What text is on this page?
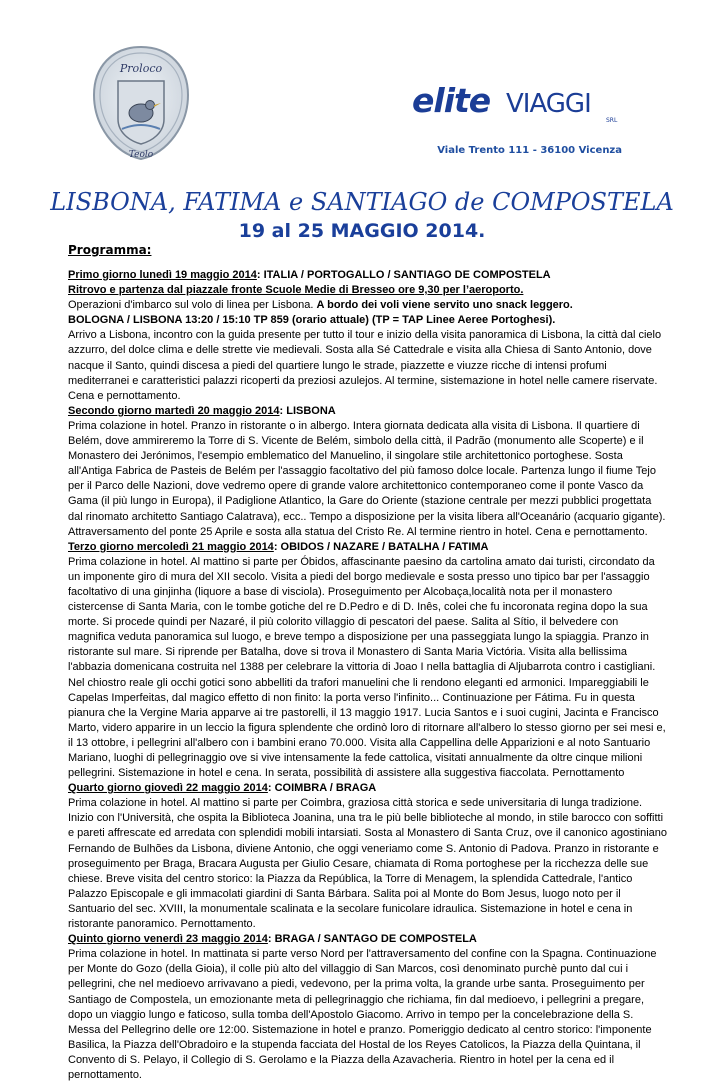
Proloco
Teolo
elite VIAGGI
SRL
Viale Trento 111 - 36100 Vicenza
LISBONA, FATIMA e SANTIAGO de COMPOSTELA
19 al 25 MAGGIO 2014.
Programma:

Primo giorno lunedì 19 maggio 2014: ITALIA / PORTOGALLO / SANTIAGO DE COMPOSTELA

Ritrovo e partenza dal piazzale fronte Scuole Medie di Bresseo ore 9,30 per l’aeroporto.

Operazioni d'imbarco sul volo di linea per Lisbona. A bordo dei voli viene servito uno snack leggero.

BOLOGNA / LISBONA 13:20 / 15:10 TP 859 (orario attuale) (TP = TAP Linee Aeree Portoghesi).

Arrivo a Lisbona, incontro con la guida presente per tutto il tour e inizio della visita panoramica di Lisbona, la città dal cielo azzurro, del dolce clima e delle strette vie medievali. Sosta alla Sé Cattedrale e visita alla Chiesa di Santo Antonio, dove nacque il Santo, quindi discesa a piedi del quartiere lungo le strade, piazzette e viuzze ricche di intensi profumi mediterranei e caratteristici palazzi ricoperti da preziosi azulejos. Al termine, sistemazione in hotel nelle camere riservate. Cena e pernottamento.

Secondo giorno martedì 20 maggio 2014: LISBONA

Prima colazione in hotel. Pranzo in ristorante o in albergo. Intera giornata dedicata alla visita di Lisbona. Il quartiere di Belém, dove ammireremo la Torre di S. Vicente de Belém, simbolo della città, il Padrão (monumento alle Scoperte) e il Monastero dei Jerónimos, l'esempio emblematico del Manuelino, il singolare stile architettonico portoghese. Sosta all'Antiga Fabrica de Pasteis de Belém per l'assaggio facoltativo del più famoso dolce locale. Partenza lungo il fiume Tejo per il Parco delle Nazioni, dove vedremo opere di grande valore architettonico contemporaneo come il ponte Vasco da Gama (il più lungo in Europa), il Padiglione Atlantico, la Gare do Oriente (stazione centrale per mezzi pubblici progettata dal rinomato architetto Santiago Calatrava), ecc.. Tempo a disposizione per la visita libera all'Oceanário (acquario gigante). Attraversamento del ponte 25 Aprile e sosta alla statua del Cristo Re. Al termine rientro in hotel. Cena e pernottamento.

Terzo giorno mercoledì 21 maggio 2014: OBIDOS / NAZARE / BATALHA / FATIMA

Prima colazione in hotel. Al mattino si parte per Óbidos, affascinante paesino da cartolina amato dai turisti, circondato da un imponente giro di mura del XII secolo. Visita a piedi del borgo medievale e sosta presso uno tipico bar per l'assaggio facoltativo di una ginjinha (liquore a base di visciola). Proseguimento per Alcobaça,località nota per il monastero cistercense di Santa Maria, con le tombe gotiche del re D.Pedro e di D. Inês, colei che fu incoronata regina dopo la sua morte. Si procede quindi per Nazaré, il più colorito villaggio di pescatori del paese. Salita al Sítio, il belvedere con magnifica veduta panoramica sul luogo, e breve tempo a disposizione per una passeggiata lungo la spiaggia. Pranzo in ristorante sul mare. Si riprende per Batalha, dove si trova il Monastero di Santa Maria Victória. Visita alla bellissima l'abbazia domenicana costruita nel 1388 per celebrare la vittoria di Joao I nella battaglia di Aljubarrota contro i castigliani. Nel chiostro reale gli occhi gotici sono abbelliti da trafori manuelini che li rendono eleganti ed armonici. Impareggiabili le Capelas Imperfeitas, dal magico effetto di non finito: la porta verso l'infinito... Continuazione per Fátima. Fu in questa pianura che la Vergine Maria apparve ai tre pastorelli, il 13 maggio 1917. Lucia Santos e i suoi cugini, Jacinta e Francisco Marto, videro apparire in un leccio la figura splendente che ordinò loro di ritornare all'albero lo stesso giorno per sei mesi e, il 13 ottobre, i pellegrini all'albero con i bambini erano 70.000. Visita alla Cappellina delle Apparizioni e al noto Santuario Mariano, luoghi di pellegrinaggio ove si vive intensamente la fede cattolica, visitati annualmente da oltre cinque milioni pellegrini. Sistemazione in hotel e cena. In serata, possibilità di assistere alla suggestiva fiaccolata. Pernottamento

Quarto giorno giovedì 22 maggio 2014: COIMBRA / BRAGA

Prima colazione in hotel. Al mattino si parte per Coimbra, graziosa città storica e sede universitaria di lunga tradizione. Inizio con l'Università, che ospita la Biblioteca Joanina, una tra le più belle biblioteche al mondo, in stile barocco con soffitti e pareti affrescate ed arredata con splendidi mobili intarsiati. Sosta al Monastero di Santa Cruz, ove il canonico agostiniano Fernando de Bulhões da Lisbona, diviene Antonio, che oggi veneriamo come S. Antonio di Padova. Pranzo in ristorante e proseguimento per Braga, Bracara Augusta per Giulio Cesare, chiamata di Roma portoghese per la ricchezza delle sue chiese. Breve visita del centro storico: la Piazza da República, la Torre di Menagem, la splendida Cattedrale, l'antico Palazzo Episcopale e gli immacolati giardini di Santa Bárbara. Salita poi al Monte do Bom Jesus, luogo noto per il Santuario del sec. XVIII, la monumentale scalinata e la secolare funicolare idraulica. Sistemazione in hotel e cena in ristorante panoramico. Pernottamento.

Quinto giorno venerdì 23 maggio 2014: BRAGA / SANTAGO DE COMPOSTELA

Prima colazione in hotel. In mattinata si parte verso Nord per l'attraversamento del confine con la Spagna. Continuazione per Monte do Gozo (della Gioia), il colle più alto del villaggio di San Marcos, così denominato purchè punto dal cui i pellegrini, che nel medioevo arrivavano a piedi, vedevono, per la prima volta, la grande urbe santa. Proseguimento per Santiago de Compostela, un emozionante meta di pellegrinaggio che richiama, fin dal medioevo, i pellegrini a pregare, dopo un viaggio lungo e faticoso, sulla tomba dell'Apostolo Giacomo. Arrivo in tempo per la concelebrazione della S. Messa del Pellegrino delle ore 12:00. Sistemazione in hotel e pranzo. Pomeriggio dedicato al centro storico: l'imponente Basilica, la Piazza dell'Obradoiro e la stupenda facciata del Hostal de los Reyes Catolicos, la Piazza della Quintana, il Convento di S. Pelayo, il Collegio di S. Gerolamo e la Piazza della Azavacheria. Rientro in hotel per la cena ed il pernottamento.
